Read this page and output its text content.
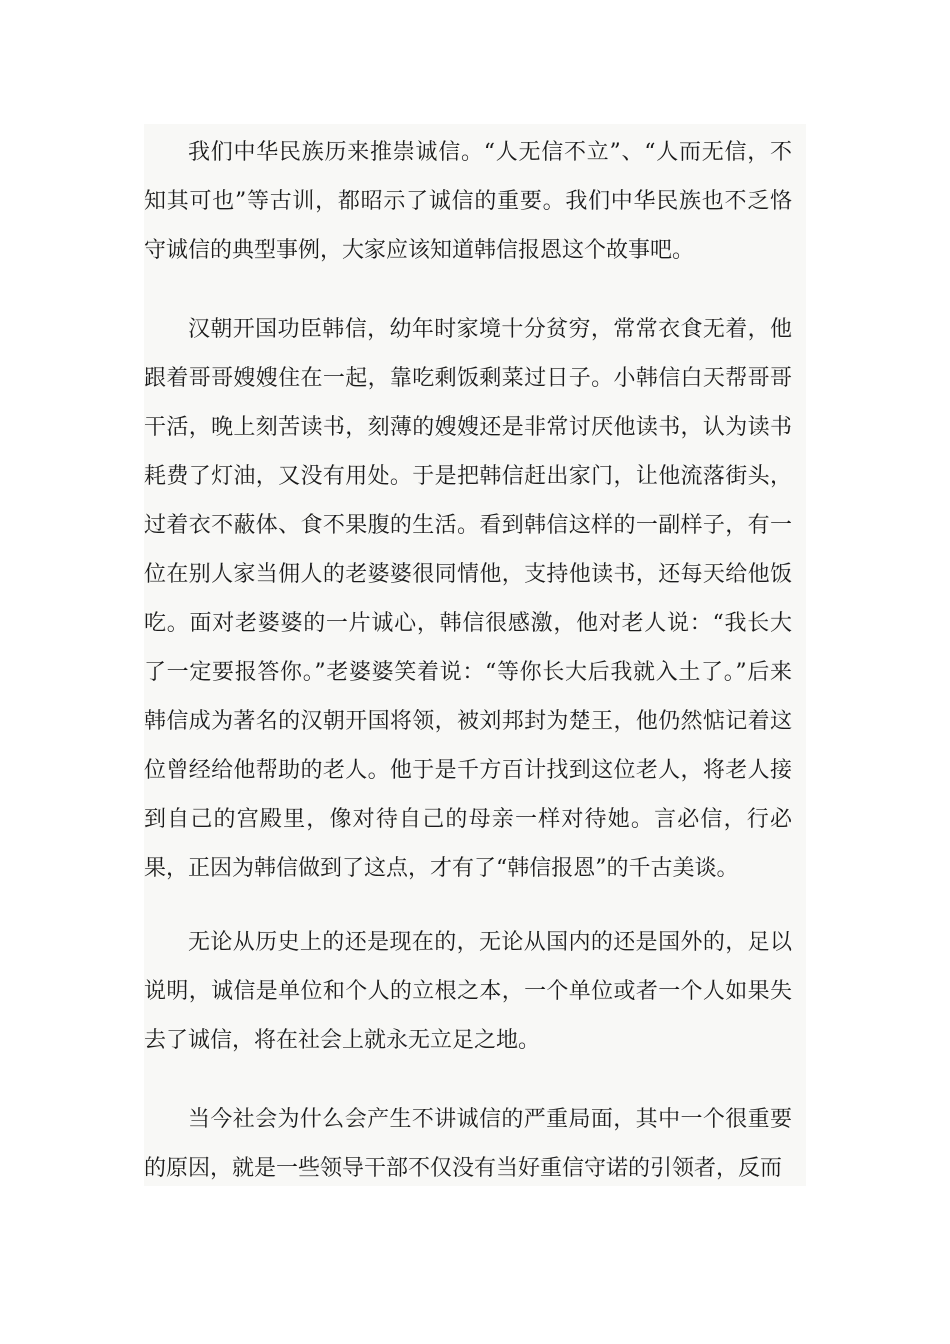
我们中华民族历来推崇诚信。“人无信不立”、“人而无信，不知其可也”等古训，都昭示了诚信的重要。我们中华民族也不乏恪守诚信的典型事例，大家应该知道韩信报恩这个故事吧。

汉朝开国功臣韩信，幼年时家境十分贫穷，常常衣食无着，他跟着哥哥嫂嫂住在一起，靠吃剩饭剩菜过日子。小韩信白天帮哥哥干活，晚上刻苦读书，刻薄的嫂嫂还是非常讨厌他读书，认为读书耗费了灯油，又没有用处。于是把韩信赶出家门，让他流落街头，过着衣不蔽体、食不果腹的生活。看到韩信这样的一副样子，有一位在别人家当佣人的老婆婆很同情他，支持他读书，还每天给他饭吃。面对老婆婆的一片诚心，韩信很感激，他对老人说：“我长大了一定要报答你。”老婆婆笑着说：“等你长大后我就入土了。”后来韩信成为著名的汉朝开国将领，被刘邦封为楚王，他仍然惦记着这位曾经给他帮助的老人。他于是千方百计找到这位老人，将老人接到自己的宫殿里，像对待自己的母亲一样对待她。言必信，行必果，正因为韩信做到了这点，才有了“韩信报恩”的千古美谈。

无论从历史上的还是现在的，无论从国内的还是国外的，足以说明，诚信是单位和个人的立根之本，一个单位或者一个人如果失去了诚信，将在社会上就永无立足之地。

当今社会为什么会产生不讲诚信的严重局面，其中一个很重要的原因，就是一些领导干部不仅没有当好重信守诺的引领者，反而
